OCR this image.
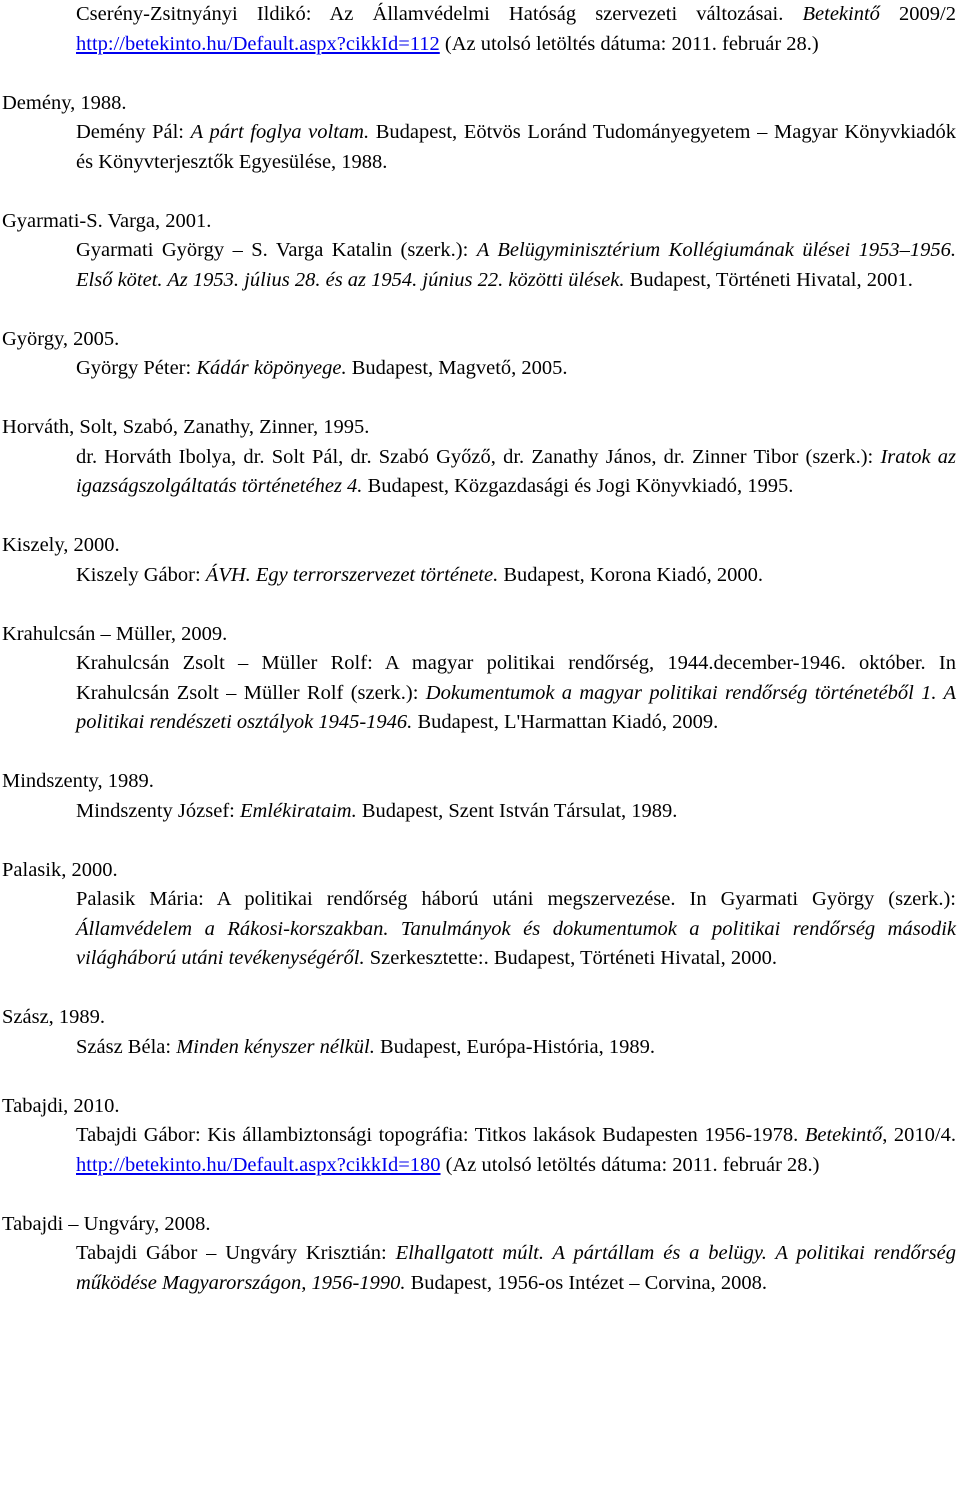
Cserény-Zsitnyányi Ildikó: Az Államvédelmi Hatóság szervezeti változásai. Betekintő 2009/2 http://betekinto.hu/Default.aspx?cikkId=112 (Az utolsó letöltés dátuma: 2011. február 28.)
Demény, 1988.
Demény Pál: A párt foglya voltam. Budapest, Eötvös Loránd Tudományegyetem – Magyar Könyvkiadók és Könyvterjesztők Egyesülése, 1988.
Gyarmati-S. Varga, 2001.
Gyarmati György – S. Varga Katalin (szerk.): A Belügyminisztérium Kollégiumának ülései 1953–1956. Első kötet. Az 1953. július 28. és az 1954. június 22. közötti ülések. Budapest, Történeti Hivatal, 2001.
György, 2005.
György Péter: Kádár köpönyege. Budapest, Magvető, 2005.
Horváth, Solt, Szabó, Zanathy, Zinner, 1995.
dr. Horváth Ibolya, dr. Solt Pál, dr. Szabó Győző, dr. Zanathy János, dr. Zinner Tibor (szerk.): Iratok az igazságszolgáltatás történetéhez 4. Budapest, Közgazdasági és Jogi Könyvkiadó, 1995.
Kiszely, 2000.
Kiszely Gábor: ÁVH. Egy terrorszervezet története. Budapest, Korona Kiadó, 2000.
Krahulcsán – Müller, 2009.
Krahulcsán Zsolt – Müller Rolf: A magyar politikai rendőrség, 1944.december-1946. október. In Krahulcsán Zsolt – Müller Rolf (szerk.): Dokumentumok a magyar politikai rendőrség történetéből 1. A politikai rendészeti osztályok 1945-1946. Budapest, L'Harmattan Kiadó, 2009.
Mindszenty, 1989.
Mindszenty József: Emlékirataim. Budapest, Szent István Társulat, 1989.
Palasik, 2000.
Palasik Mária: A politikai rendőrség háború utáni megszervezése. In Gyarmati György (szerk.): Államvédelem a Rákosi-korszakban. Tanulmányok és dokumentumok a politikai rendőrség második világháború utáni tevékenységéről. Szerkesztette:. Budapest, Történeti Hivatal, 2000.
Szász, 1989.
Szász Béla: Minden kényszer nélkül. Budapest, Európa-História, 1989.
Tabajdi, 2010.
Tabajdi Gábor: Kis állambiztonsági topográfia: Titkos lakások Budapesten 1956-1978. Betekintő, 2010/4. http://betekinto.hu/Default.aspx?cikkId=180 (Az utolsó letöltés dátuma: 2011. február 28.)
Tabajdi – Ungváry, 2008.
Tabajdi Gábor – Ungváry Krisztián: Elhallgatott múlt. A pártállam és a belügy. A politikai rendőrség működése Magyarországon, 1956-1990. Budapest, 1956-os Intézet – Corvina, 2008.
